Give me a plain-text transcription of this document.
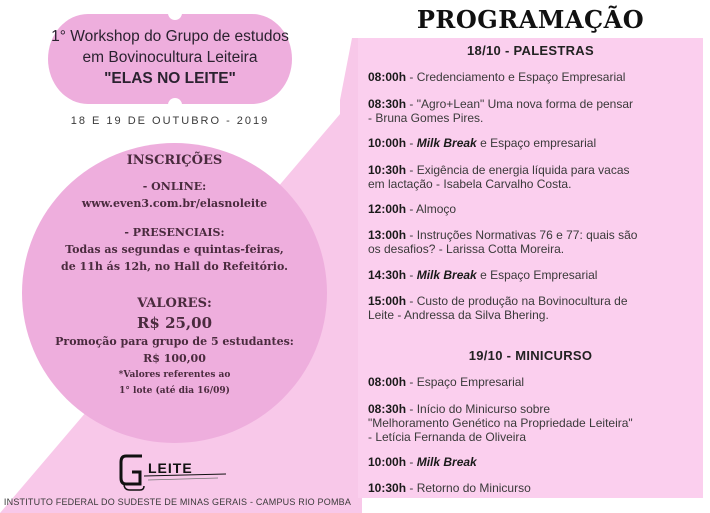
1° Workshop do Grupo de estudos
em Bovinocultura Leiteira
"ELAS NO LEITE"
18 E 19 DE OUTUBRO - 2019
INSCRIÇÕES
- ONLINE:
www.even3.com.br/elasnoleite
- PRESENCIAIS:
Todas as segundas e quintas-feiras,
de 11h ás 12h, no Hall do Refeitório.
VALORES:
R$ 25,00
Promoção para grupo de 5 estudantes:
R$ 100,00
*Valores referentes ao
1° lote (até dia 16/09)
LEITE
INSTITUTO FEDERAL DO SUDESTE DE MINAS GERAIS - CAMPUS RIO POMBA
PROGRAMAÇÃO
18/10 - PALESTRAS
08:00h - Credenciamento e Espaço Empresarial
08:30h - "Agro+Lean" Uma nova forma de pensar
- Bruna Gomes Pires.
10:00h - Milk Break e Espaço empresarial
10:30h - Exigência de energia líquida para vacas
em lactação - Isabela Carvalho Costa.
12:00h - Almoço
13:00h - Instruções Normativas 76 e 77: quais são
os desafios? - Larissa Cotta Moreira.
14:30h - Milk Break e Espaço Empresarial
15:00h - Custo de produção na Bovinocultura de
Leite - Andressa da Silva Bhering.
19/10 - MINICURSO
08:00h - Espaço Empresarial
08:30h - Início do Minicurso sobre
"Melhoramento Genético na Propriedade Leiteira"
- Letícia Fernanda de Oliveira
10:00h - Milk Break
10:30h - Retorno do Minicurso
